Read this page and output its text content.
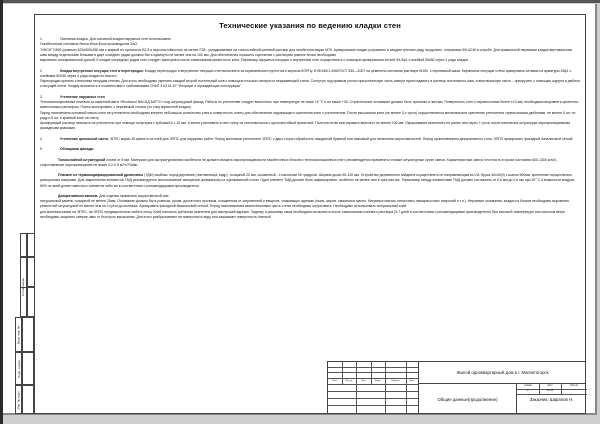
Согласовано
Взам. инв. №
Подп. и дата
Инв. № подл.
Технические указания по ведению кладки стен
1	Основная кладка. Для основной кладки наружных стен использовать

Газобетонные стеновые блоки Инса-Блок производства ЗАО

"ИНСИ" D500 (ровные) 625х500х250 мм с маркой по прочности В2,5 и морозостойкостью не менее F35 , укладываемые на тонкослойный клеевой раствор для газобетона марки М75. Армирование кладки устраивать в каждом третьем ряду продольно, стержнями Ф6 А240 в штробе. Для правильной перевязки кладки вертикальные швы между отдельными блоками в двух соседних рядах должны быть сдвинуты не менее чем на 100 мм. Для обеспечения хорошего сцепления с раствором ровные блоки необходимо

выровнять шлифовальной доской. К кладке очередных рядов стен следует приступать после схватывания цементного клея. Перевязку наружных несущих и внутренних стен осуществлять с помощью армирования сеткой Ф4 Вр1 с ячейкой 50х50 через 2 ряда кладки.

2	Кладка внутренних несущих стен и перегородок. Кладку перегородок и внутренних несущих стен выполнять из керамического пустотного кирпича КОРПу 1НФ/150/1,4/50/ГОСТ 530—2007 на цементно-песчаном растворе М100, с перевязкой швов. Кирпичные несущие стены армировать сетками из арматуры 4Вр1 с ячейками 50Х50 через 4 ряда кладки по высоте.

Перегородки крепить к внешним несущим стенам. Для этого необходимо укрепить каждый второй постельный шов с помощью плоского анкера из нержавеющей стали. Согнутую под прямым углом горизонтальную часть анкера нужно вдавить в раствор постельного шва, а вертикальную часть – прикрутить с помощью шурупа и дюбеля к несущей стене. Кладку выполнить в соответствии с требованиями СНиП 3.03.01-87 "Несущие и ограждающие конструкции"

3	Утепление наружных стен

Теплоизоляционными плитами из каменной ваты «Rockwool ФАСАД БАТТС» под штукатурный фасад. Работы по утеплению следует выполнять при температуре не ниже +5 °С и не выше +30. Строительное основание должно быть прочным и чистым. Поверхность стен с неровностями более ±10 мм, необходимо выровнять цементно-известковым раствором. Плиты монтировать с перевязкой стыков (по типу кирпичной кладки).

Перед нанесением основной массы клея на утеплитель необходимо втереть небольшое количество клея в поверхность плиты для обеспечения надлежащего сцепления клея с утеплителем. После высыхания клея (не менее 3-х суток) осуществляется механическое крепление утеплителя тарельчатыми дюбелями, не менее 5 шт. по ряду и 6 шт. в краевой зоне на плиту.

Армирующий раствор наносить на утеплитель при помощи полутерка с зубьями10 х 10 мм, а затем утапливать в него сетку из стекловолокна с щелочестойкой пропиткой. Полотна сетки монтировать внахлест не менее 100 мм. Окрашивание выполнить не ранее чем через 7 суток после нанесения штукатурки паропроницаемыми фасадными красками.

4	Утепление цокольной части. ЭППС марки 35 крепить на клей для ЭППС для наружных работ. Перед монтажом утеплителя ЭППС с двух сторон обработать наждачной бумагой или нажовкой для нанесения шероховатостей. Перед приклеиванием декоративного слоя, ЭППС армировать фасадной базальтовой сеткой.

5	Облицовка фасада:

Тонкослойной штукатуркой слоем от 8 мм. Материал для оштукатуривания газобетона не должен снижать паропроницаемости газобетонных блоков и теплоизоляционных плит, рекомендуется применять готовые штукатурные сухие смеси. Характеристики смеси: плотность в сухом состоянии 600-1300 кг/м3, сопротивление паропроницанию не выше 0,2-0,5 м2*ч*Па/мг.

Планкен из термомодифицированной древесины (ТДМ) хвойных пород деревьев (лиственница, кедр), толщиной 20 мм, скошенный - с наклоном 45 градусов. Ширина доски 90-120 мм. Устройство деревянного сайдинга осуществлять по направляющим из LVL бруса 40х40(h) с шагом 500мм, крепление осуществлять распорными анкерами. Для закрепления элементов ТМД рекомендуется использование саморезов (кляммеров) из оцинкованной стали. Один элемент ТМД должен быть зафиксирован, особенно не менее чем в трех местах. Термозазор между элементами ТМД должен составлять от 0,5 мм до 0,6 мм при 20° С и влажности воздуха 60% по всей длине навесного элемента либо же в соответствии с рекомендациями производителя.

Декоративным камнем. Для отделки применять искусственный или

натуральный камень толщиной не менее 20мм. Основание должно быть ровным, сухим, достаточно прочным, очищенным от загрязнений и веществ, снижающих адгезию (пыли, жиров, смазочных масел, битумных мастик, непрочных лакокрасочных покрытий и т.п.). Неровные основания, кладки из блоков необходимо выровнять ремонтной штукатуркой не менее чем за 3 суток до монтажа. Армировать фасадной базальтовой сеткой. Перед наклеиванием камня внешнюю часть стены необходимо огрунтовать. Необходимо использовать специальный клей

для монтажа камня на ЭППС, на ЭППС предварительно набить сетку. Клей наносить зубчатым шпателем для наилучшей адгезии. Заделку и расшивку швов необходимо выполнить после схватывания клеевого раствора (3-7 дней в соответствии с рекомендациями производителя).При высокой температуре или сильном ветре

необходимо защитить свежие швы от быстрого высыхания. Для этого разбрызгивают на поверхность воду или закрывают поверхность пленкой

Изм.	Кол.уч.	Лист	№док.	Подпись	Дата
Жилой одноквартирный дом в г. Магнитогорск
Общие данные(продолжение)
Стадия	Лист	Листов
Р	АР-02
Заказчик: Шарапов Н.
